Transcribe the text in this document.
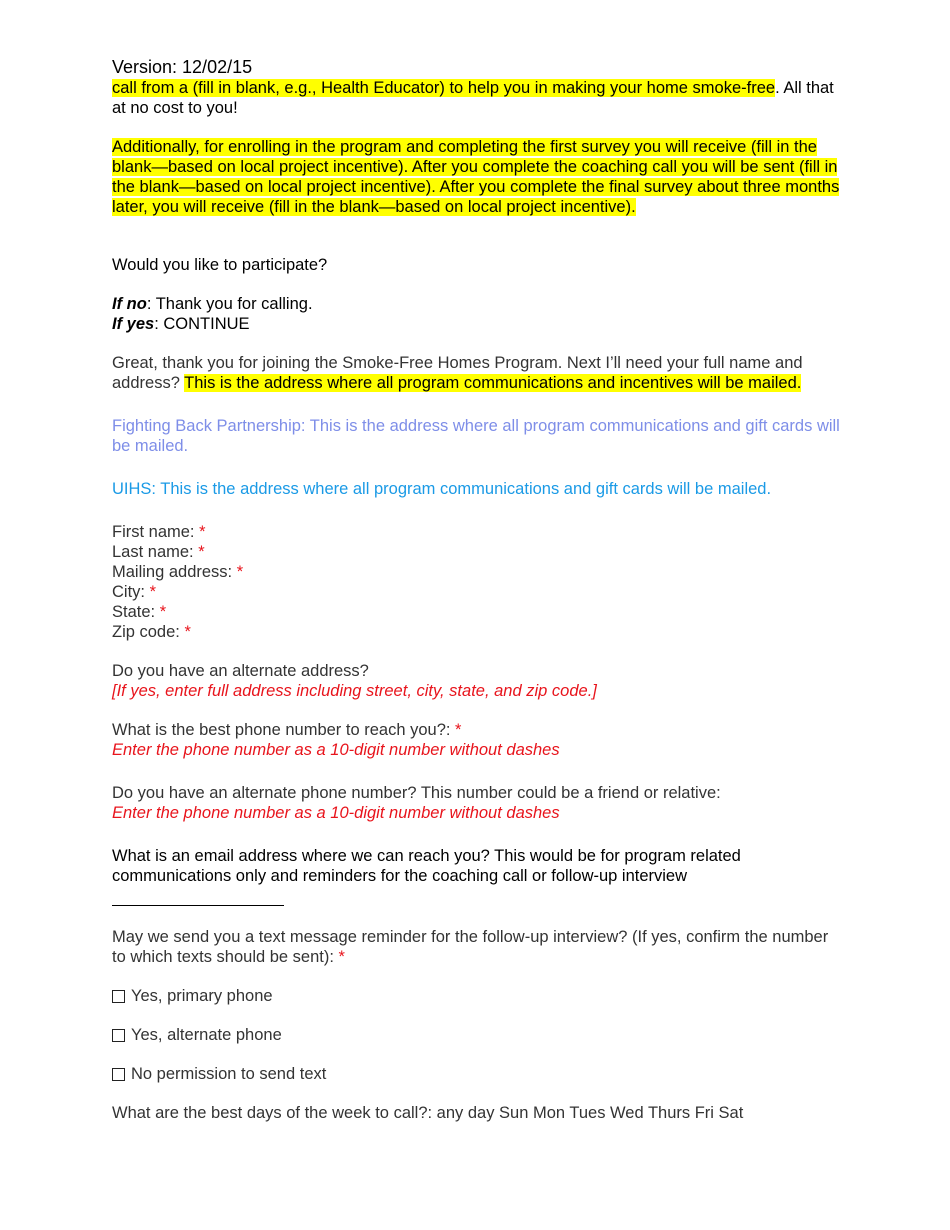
Version: 12/02/15

call from a (fill in blank, e.g., Health Educator) to help you in making your home smoke-free. All that at no cost to you!

Additionally, for enrolling in the program and completing the first survey you will receive (fill in the blank—based on local project incentive). After you complete the coaching call you will be sent (fill in the blank—based on local project incentive). After you complete the final survey about three months later, you will receive (fill in the blank—based on local project incentive).

Would you like to participate?

If no: Thank you for calling.

If yes: CONTINUE

Great, thank you for joining the Smoke-Free Homes Program. Next I’ll need your full name and address? This is the address where all program communications and incentives will be mailed.

Fighting Back Partnership: This is the address where all program communications and gift cards will be mailed.

UIHS: This is the address where all program communications and gift cards will be mailed.

First name: *

Last name: *

Mailing address: *

City: *

State: *

Zip code: *

Do you have an alternate address?

[If yes, enter full address including street, city, state, and zip code.]

What is the best phone number to reach you?: *

Enter the phone number as a 10-digit number without dashes

Do you have an alternate phone number? This number could be a friend or relative:

Enter the phone number as a 10-digit number without dashes

What is an email address where we can reach you? This would be for program related communications only and reminders for the coaching call or follow-up interview

May we send you a text message reminder for the follow-up interview? (If yes, confirm the number to which texts should be sent): *

Yes, primary phone
Yes, alternate phone
No permission to send text

What are the best days of the week to call?: any day Sun Mon Tues Wed Thurs Fri Sat
